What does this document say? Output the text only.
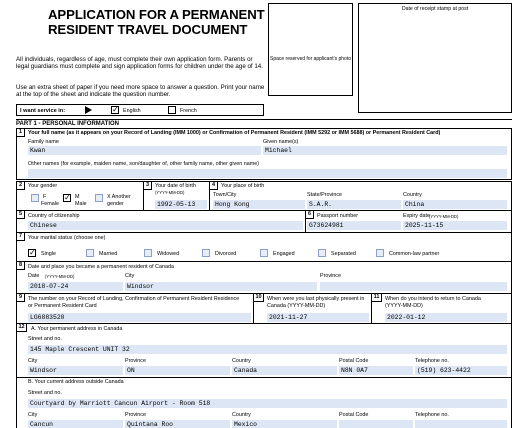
APPLICATION FOR A PERMANENT RESIDENT TRAVEL DOCUMENT
All individuals, regardless of age, must complete their own application form. Parents or legal guardians must complete and sign application forms for children under the age of 14.
Use an extra sheet of paper if you need more space to answer a question. Print your name at the top of the sheet and indicate the question number.
Space reserved for applicant's photo
Date of receipt stamp at post
I want service in:	✓ English	French
PART 1 - PERSONAL INFORMATION
1	Your full name (as it appears on your Record of Landing (IMM 1000) or Confirmation of Permanent Resident (IMM 5292 or IMM 5688) or Permanent Resident Card)
Family name
Kwan
Given name(s)
Michael
Other names (for example, maiden name, son/daughter of, other family name, other given name)
2	Your gender
F
Female
✓ M
Male
X Another
gender
3	Your date of birth
(YYYY-MM-DD)
1992-05-13
4	Your place of birth
Town/City
Hong Kong
State/Province
S.A.R.
Country
China
5	Country of citizenship
Chinese
6	Passport number
G73624981
Expiry date (YYYY-MM-DD)
2025-11-15
7	Your marital status (choose one)
✓ Single	Married	Widowed	Divorced	Engaged	Separated	Common-law partner
8	Date and place you became a permanent resident of Canada
Date (YYYY-MM-DD)
2018-07-24
City
Windsor
Province
9	The number on your Record of Landing, Confirmation of Permanent Resident Residence
or Permanent Resident Card
LG6883520
10	When were you last physically present in
Canada (YYYY-MM-DD)
2021-11-27
11	When do you intend to return to Canada
(YYYY-MM-DD)
2022-01-12
12	A. Your permanent address in Canada
Street and no.
145 Maple Crescent UNIT 32
City
Windsor
Province
ON
Country
Canada
Postal Code
N8N 0A7
Telephone no.
(519) 623-4422
B. Your current address outside Canada
Street and no.
Courtyard by Marriott Cancun Airport - Room 518
City
Cancun
Province
Quintana Roo
Country
Mexico
Postal Code	Telephone no.
